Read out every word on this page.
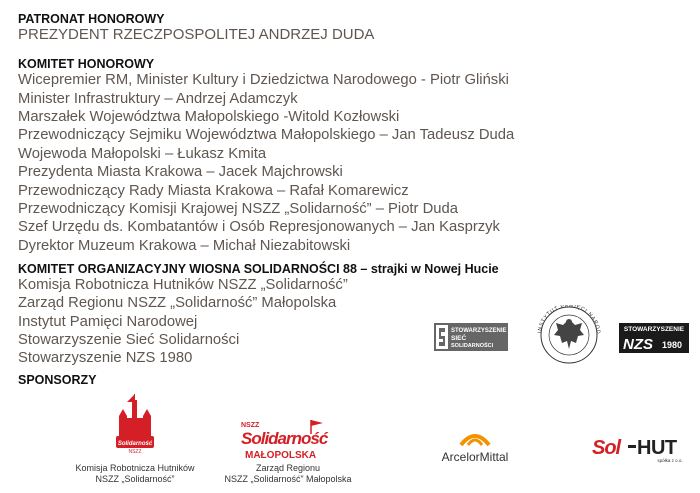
PATRONAT HONOROWY
PREZYDENT RZECZPOSPOLITEJ ANDRZEJ DUDA
KOMITET HONOROWY
Wicepremier RM, Minister Kultury i Dziedzictwa Narodowego - Piotr Gliński
Minister Infrastruktury – Andrzej Adamczyk
Marszałek Województwa Małopolskiego -Witold Kozłowski
Przewodniczący Sejmiku Województwa Małopolskiego – Jan Tadeusz Duda
Wojewoda Małopolski – Łukasz Kmita
Prezydenta Miasta Krakowa – Jacek Majchrowski
Przewodniczący Rady Miasta Krakowa – Rafał Komarewicz
Przewodniczący Komisji Krajowej NSZZ „Solidarność” – Piotr Duda
Szef Urzędu ds. Kombatantów i Osób Represjonowanych – Jan Kasprzyk
Dyrektor Muzeum Krakowa – Michał Niezabitowski
KOMITET ORGANIZACYJNY WIOSNA SOLIDARNOŚCI 88 – strajki w Nowej Hucie
Komisja Robotnicza Hutników NSZZ „Solidarność”
Zarząd Regionu NSZZ „Solidarność” Małopolska
Instytut Pamięci Narodowej
Stowarzyszenie Sieć Solidarności
Stowarzyszenie NZS 1980
STOWARZYSZENIE
SIEĆ
SOLIDARNOŚCI
INSTYTUT PAMIĘCI NAROD	STOWARZYSZENIE
NZS 1980
SPONSORZY
Solidarność
NSZZ
Komisja Robotnicza Hutników
NSZZ „Solidarność”
NSZZ
Solidarność
MAŁOPOLSKA
Zarząd Regionu
NSZZ „Solidarność” Małopolska
ArcelorMittal	Sol HUT
spółka z o.o.
